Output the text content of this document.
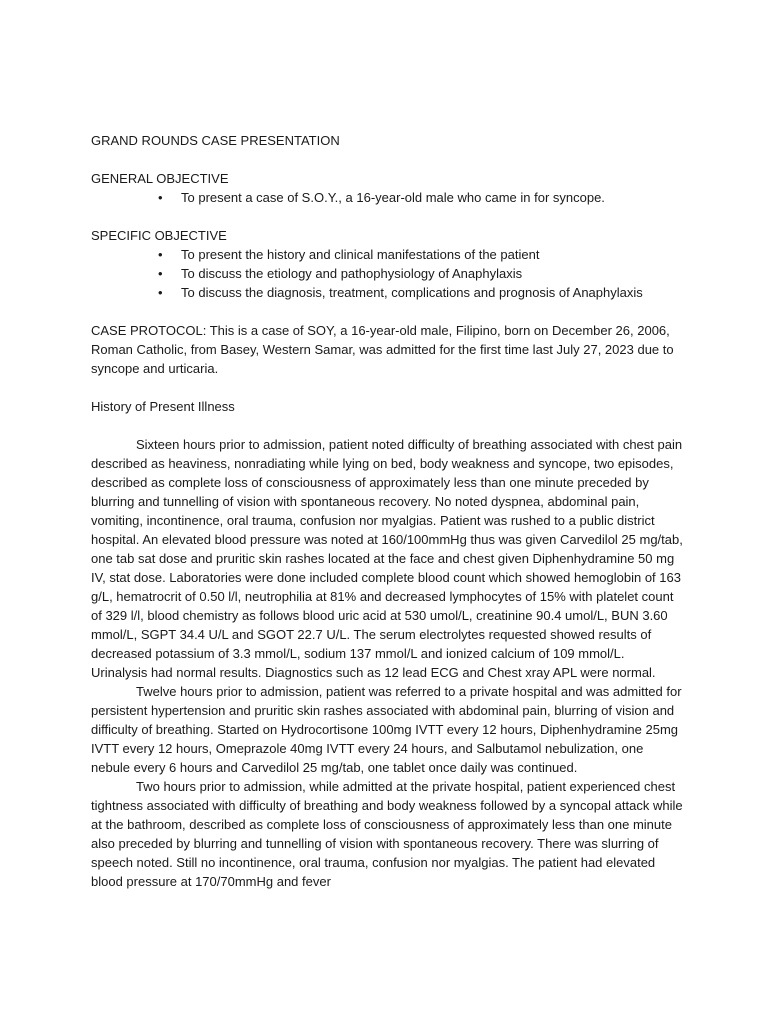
GRAND ROUNDS CASE PRESENTATION

GENERAL OBJECTIVE

• To present a case of S.O.Y., a 16-year-old male who came in for syncope.

SPECIFIC OBJECTIVE

• To present the history and clinical manifestations of the patient
• To discuss the etiology and pathophysiology of Anaphylaxis
• To discuss the diagnosis, treatment, complications and prognosis of Anaphylaxis

CASE PROTOCOL: This is a case of SOY, a 16-year-old male, Filipino, born on December 26, 2006, Roman Catholic, from Basey, Western Samar, was admitted for the first time last July 27, 2023 due to syncope and urticaria.

History of Present Illness

Sixteen hours prior to admission, patient noted difficulty of breathing associated with chest pain described as heaviness, nonradiating while lying on bed, body weakness and syncope, two episodes, described as complete loss of consciousness of approximately less than one minute preceded by blurring and tunnelling of vision with spontaneous recovery. No noted dyspnea, abdominal pain, vomiting, incontinence, oral trauma, confusion nor myalgias. Patient was rushed to a public district hospital. An elevated blood pressure was noted at 160/100mmHg thus was given Carvedilol 25 mg/tab, one tab sat dose and pruritic skin rashes located at the face and chest given Diphenhydramine 50 mg IV, stat dose. Laboratories were done included complete blood count which showed hemoglobin of 163 g/L, hematrocrit of 0.50 l/l, neutrophilia at 81% and decreased lymphocytes of 15% with platelet count of 329 l/l, blood chemistry as follows blood uric acid at 530 umol/L, creatinine 90.4 umol/L, BUN 3.60 mmol/L, SGPT 34.4 U/L and SGOT 22.7 U/L. The serum electrolytes requested showed results of decreased potassium of 3.3 mmol/L, sodium 137 mmol/L and ionized calcium of 109 mmol/L. Urinalysis had normal results. Diagnostics such as 12 lead ECG and Chest xray APL were normal.

Twelve hours prior to admission, patient was referred to a private hospital and was admitted for persistent hypertension and pruritic skin rashes associated with abdominal pain, blurring of vision and difficulty of breathing. Started on Hydrocortisone 100mg IVTT every 12 hours, Diphenhydramine 25mg IVTT every 12 hours, Omeprazole 40mg IVTT every 24 hours, and Salbutamol nebulization, one nebule every 6 hours and Carvedilol 25 mg/tab, one tablet once daily was continued.

Two hours prior to admission, while admitted at the private hospital, patient experienced chest tightness associated with difficulty of breathing and body weakness followed by a syncopal attack while at the bathroom, described as complete loss of consciousness of approximately less than one minute also preceded by blurring and tunnelling of vision with spontaneous recovery. There was slurring of speech noted. Still no incontinence, oral trauma, confusion nor myalgias. The patient had elevated blood pressure at 170/70mmHg and fever
